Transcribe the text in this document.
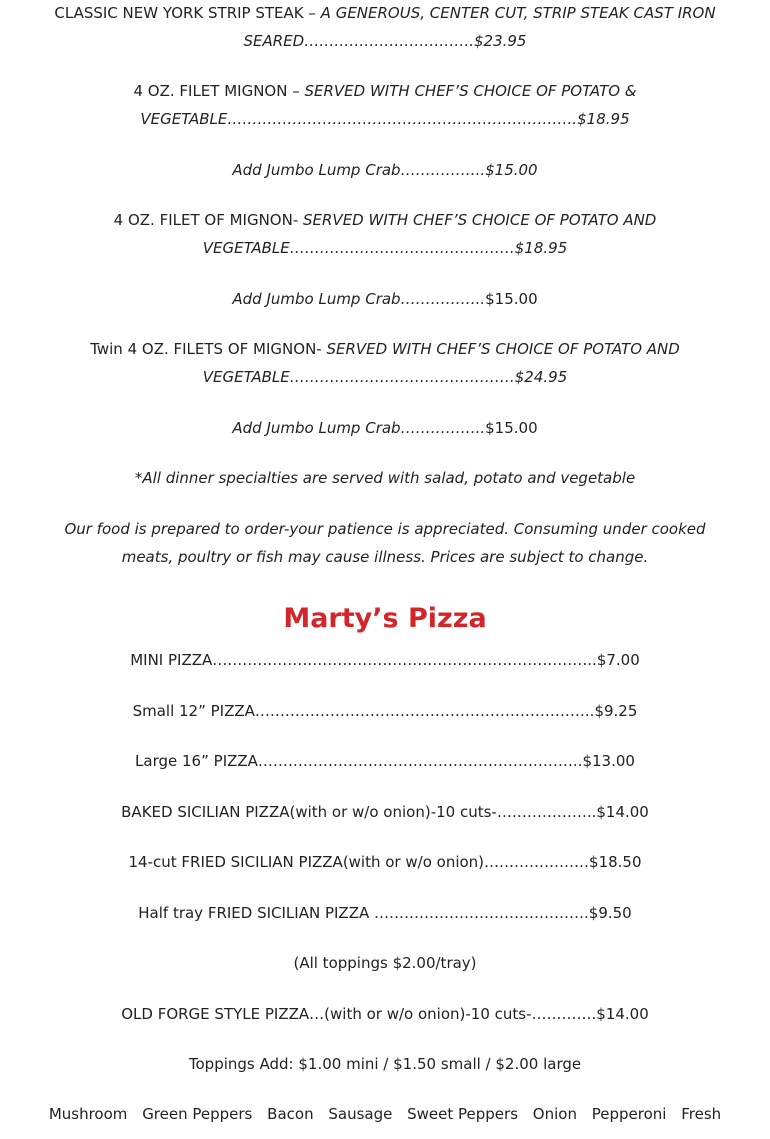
CLASSIC NEW YORK STRIP STEAK – A GENEROUS, CENTER CUT, STRIP STEAK CAST IRON
SEARED…………………………….$23.95
4 OZ. FILET MIGNON – SERVED WITH CHEF’S CHOICE OF POTATO &
VEGETABLE…………………………………………………………….$18.95
Add Jumbo Lump Crab……………..$15.00
4 OZ. FILET OF MIGNON- SERVED WITH CHEF’S CHOICE OF POTATO AND
VEGETABLE………………………………………$18.95
Add Jumbo Lump Crab……………..$15.00
Twin 4 OZ. FILETS OF MIGNON- SERVED WITH CHEF’S CHOICE OF POTATO AND
VEGETABLE………………………………………$24.95
Add Jumbo Lump Crab……………..$15.00
*All dinner specialties are served with salad, potato and vegetable
Our food is prepared to order-your patience is appreciated. Consuming under cooked
meats, poultry or fish may cause illness. Prices are subject to change.
Marty’s Pizza
MINI PIZZA…………………………………………………………………..$7.00
Small 12” PIZZA…………………………………………………………..$9.25
Large 16” PIZZA………………………………………………………..$13.00
BAKED SICILIAN PIZZA(with or w/o onion)-10 cuts-………………..$14.00
14-cut FRIED SICILIAN PIZZA(with or w/o onion)…………………$18.50
Half tray FRIED SICILIAN PIZZA …………………………………….$9.50
(All toppings $2.00/tray)
OLD FORGE STYLE PIZZA…(with or w/o onion)-10 cuts-………….$14.00
Toppings Add: $1.00 mini / $1.50 small / $2.00 large
Mushroom Green Peppers Bacon Sausage Sweet Peppers Onion Pepperoni Fresh
